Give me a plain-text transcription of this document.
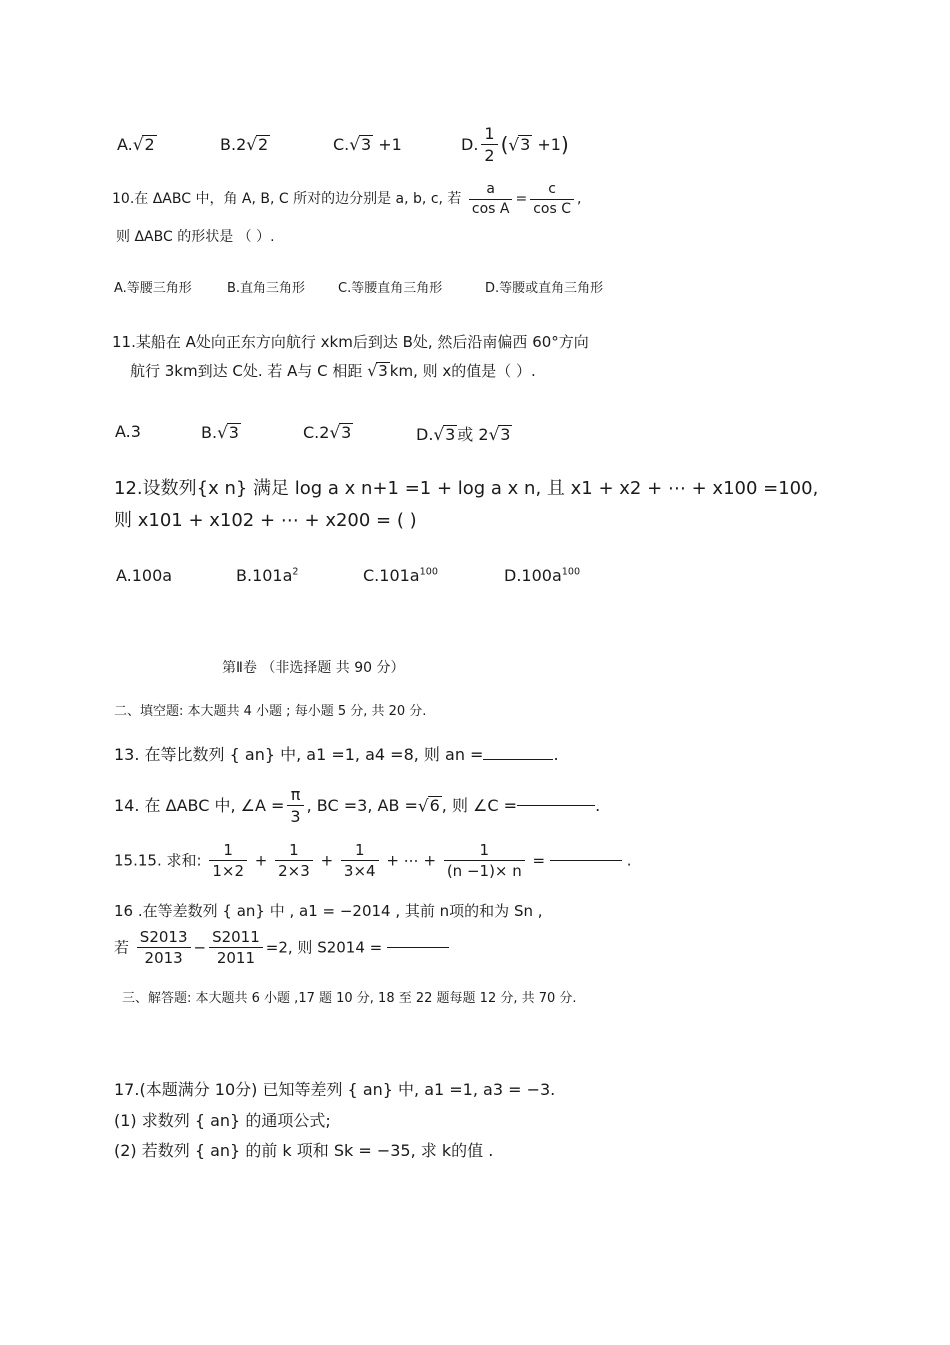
A.√2	B.2√2	C.√3 +1	D. $\frac{1}{2} (√3 +1)$
10.在 ΔABC 中，角 A, B, C 所对的边分别是 a, b, c, 若 $\frac{a}{\text{cos A}} = \frac{c}{\text{cos C}}$ ,
则 ΔABC 的形状是 （ ）.
A.等腰三角形	B.直角三角形	C.等腰直角三角形	D.等腰或直角三角形
11.某船在 A处向正东方向航行 xkm后到达 B处, 然后沿南偏西 60°方向
航行 3km到达 C处. 若 A与 C 相距 √3 km, 则 x的值是（ ）.
A.3	B.√3	C.2√3	D.√3 或 2√3
12.设数列{x n} 满足 log a x n+1 =1 + log a x n, 且 x1 + x2 + ⋯ + x100 =100,
则 x101 + x102 + ⋯ + x200 = ( )
A.100a	$B.101a^2$	$C.101a^{100}$	$D.100a^{100}$
第Ⅱ卷 （非选择题 共 90 分）
二、填空题: 本大题共 4 小题 ; 每小题 5 分, 共 20 分.
13. 在等比数列 { an} 中, a1 =1, a4 =8, 则 an =	.
14. 在 ΔABC 中, ∠A = $\frac{\pi}{3}$ , BC =3, AB =√6 , 则 ∠C =	.
15.15. 求和: $\frac{1}{1\times 2} + \frac{1}{2\times 3} + \frac{1}{3\times 4}$ + ⋯ + $\frac{1}{(n -1)\times n}$ =	.
16 .在等差数列 { an} 中 , a1 = −2014 , 其前 n项的和为 Sn ,
若 $\frac{S2013}{2013} - \frac{S2011}{2011} =2$, 则 S2014 =
三、解答题: 本大题共 6 小题 ,17 题 10 分, 18 至 22 题每题 12 分, 共 70 分.
17.(本题满分 10分) 已知等差列 { an} 中, a1 =1, a3 = −3.
(1) 求数列 { an} 的通项公式;
(2) 若数列 { an} 的前 k 项和 Sk = −35, 求 k的值 .
